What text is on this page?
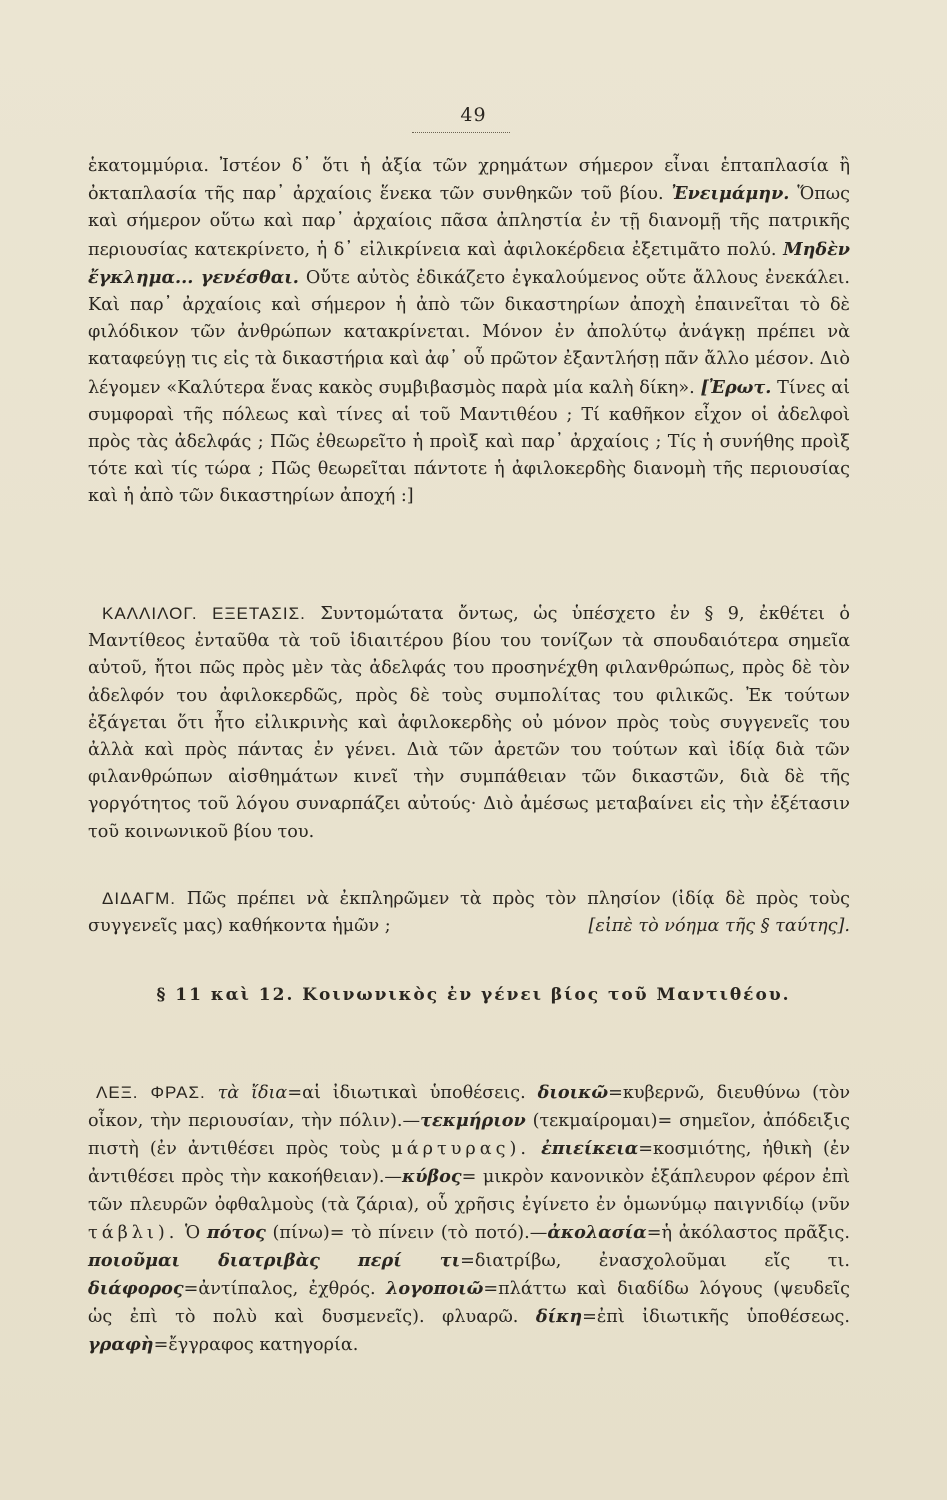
49
ἑκατομμύρια. Ἰστέον δ᾽ ὅτι ἡ ἀξία τῶν χρημάτων σήμερον εἶναι ἑπταπλασία ἢ ὀκταπλασία τῆς παρ᾽ ἀρχαίοις ἕνεκα τῶν συνθηκῶν τοῦ βίου. Ἐνειμάμην. Ὅπως καὶ σήμερον οὕτω καὶ παρ᾽ ἀρχαίοις πᾶσα ἀπληστία ἐν τῇ διανομῇ τῆς πατρικῆς περιουσίας κατεκρίνετο, ἡ δ᾽ εἰλικρίνεια καὶ ἀφιλοκέρδεια ἐξετιμᾶτο πολύ. Μηδὲν ἔγκλημα... γενέσθαι. Οὔτε αὐτὸς ἐδικάζετο ἐγκαλούμενος οὔτε ἄλλους ἐνεκάλει. Καὶ παρ᾽ ἀρχαίοις καὶ σήμερον ἡ ἀπὸ τῶν δικαστηρίων ἀποχὴ ἐπαινεῖται τὸ δὲ φιλόδικον τῶν ἀνθρώπων κατακρίνεται. Μόνον ἐν ἀπολύτῳ ἀνάγκῃ πρέπει νὰ καταφεύγῃ τις εἰς τὰ δικαστήρια καὶ ἀφ᾽ οὗ πρῶτον ἐξαντλήσῃ πᾶν ἄλλο μέσον. Διὸ λέγομεν «Καλύτερα ἕνας κακὸς συμβιβασμὸς παρὰ μία καλὴ δίκη». [Ἐρωτ. Τίνες αἱ συμφοραὶ τῆς πόλεως καὶ τίνες αἱ τοῦ Μαντιθέου ; Τί καθῆκον εἶχον οἱ ἀδελφοὶ πρὸς τὰς ἀδελφάς ; Πῶς ἐθεωρεῖτο ἡ προὶξ καὶ παρ᾽ ἀρχαίοις ; Τίς ἡ συνήθης προὶξ τότε καὶ τίς τώρα ; Πῶς θεωρεῖται πάντοτε ἡ ἀφιλοκερδὴς διανομὴ τῆς περιουσίας καὶ ἡ ἀπὸ τῶν δικαστηρίων ἀποχή :]
ΚΑΛΛΙΛΟΓ. ΕΞΕΤΑΣΙΣ. Συντομώτατα ὄντως, ὡς ὑπέσχετο ἐν § 9, ἐκθέτει ὁ Μαντίθεος ἐνταῦθα τὰ τοῦ ἰδιαιτέρου βίου του τονίζων τὰ σπουδαιότερα σημεῖα αὐτοῦ, ἤτοι πῶς πρὸς μὲν τὰς ἀδελφάς του προσηνέχθη φιλανθρώπως, πρὸς δὲ τὸν ἀδελφόν του ἀφιλοκερδῶς, πρὸς δὲ τοὺς συμπολίτας του φιλικῶς. Ἐκ τούτων ἐξάγεται ὅτι ἦτο εἰλικρινὴς καὶ ἀφιλοκερδὴς οὐ μόνον πρὸς τοὺς συγγενεῖς του ἀλλὰ καὶ πρὸς πάντας ἐν γένει. Διὰ τῶν ἀρετῶν του τούτων καὶ ἰδίᾳ διὰ τῶν φιλανθρώπων αἰσθημάτων κινεῖ τὴν συμπάθειαν τῶν δικαστῶν, διὰ δὲ τῆς γοργότητος τοῦ λόγου συναρπάζει αὐτούς· Διὸ ἀμέσως μεταβαίνει εἰς τὴν ἐξέτασιν τοῦ κοινωνικοῦ βίου του.
ΔΙΔΑΓΜ. Πῶς πρέπει νὰ ἐκπληρῶμεν τὰ πρὸς τὸν πλησίον (ἰδίᾳ δὲ πρὸς τοὺς συγγενεῖς μας) καθήκοντα ἡμῶν ;	[εἰπὲ τὸ νόημα τῆς § ταύτης].
§ 11 καὶ 12. Κοινωνικὸς ἐν γένει βίος τοῦ Μαντιθέου.
ΛΕΞ. ΦΡΑΣ. τὰ ἴδια=αἱ ἰδιωτικαὶ ὑποθέσεις. διοικῶ=κυβερνῶ, διευθύνω (τὸν οἶκον, τὴν περιουσίαν, τὴν πόλιν).—τεκμήριον (τεκμαίρομαι)= σημεῖον, ἀπόδειξις πιστὴ (ἐν ἀντιθέσει πρὸς τοὺς μάρτυρας). ἐπιείκεια=κοσμιότης, ἠθικὴ (ἐν ἀντιθέσει πρὸς τὴν κακοήθειαν).—κύβος= μικρὸν κανονικὸν ἑξάπλευρον φέρον ἐπὶ τῶν πλευρῶν ὀφθαλμοὺς (τὰ ζάρια), οὗ χρῆσις ἐγίνετο ἐν ὁμωνύμῳ παιγνιδίῳ (νῦν τάβλι). Ὁ πότος (πίνω)= τὸ πίνειν (τὸ ποτό).—ἀκολασία=ἡ ἀκόλαστος πρᾶξις. ποιοῦμαι διατριβὰς περί τι=διατρίβω, ἐνασχολοῦμαι εἴς τι. διάφορος=ἀντίπαλος, ἐχθρός. λογοποιῶ=πλάττω καὶ διαδίδω λόγους (ψευδεῖς ὡς ἐπὶ τὸ πολὺ καὶ δυσμενεῖς). φλυαρῶ. δίκη=ἐπὶ ἰδιωτικῆς ὑποθέσεως. γραφὴ=ἔγγραφος κατηγορία.
